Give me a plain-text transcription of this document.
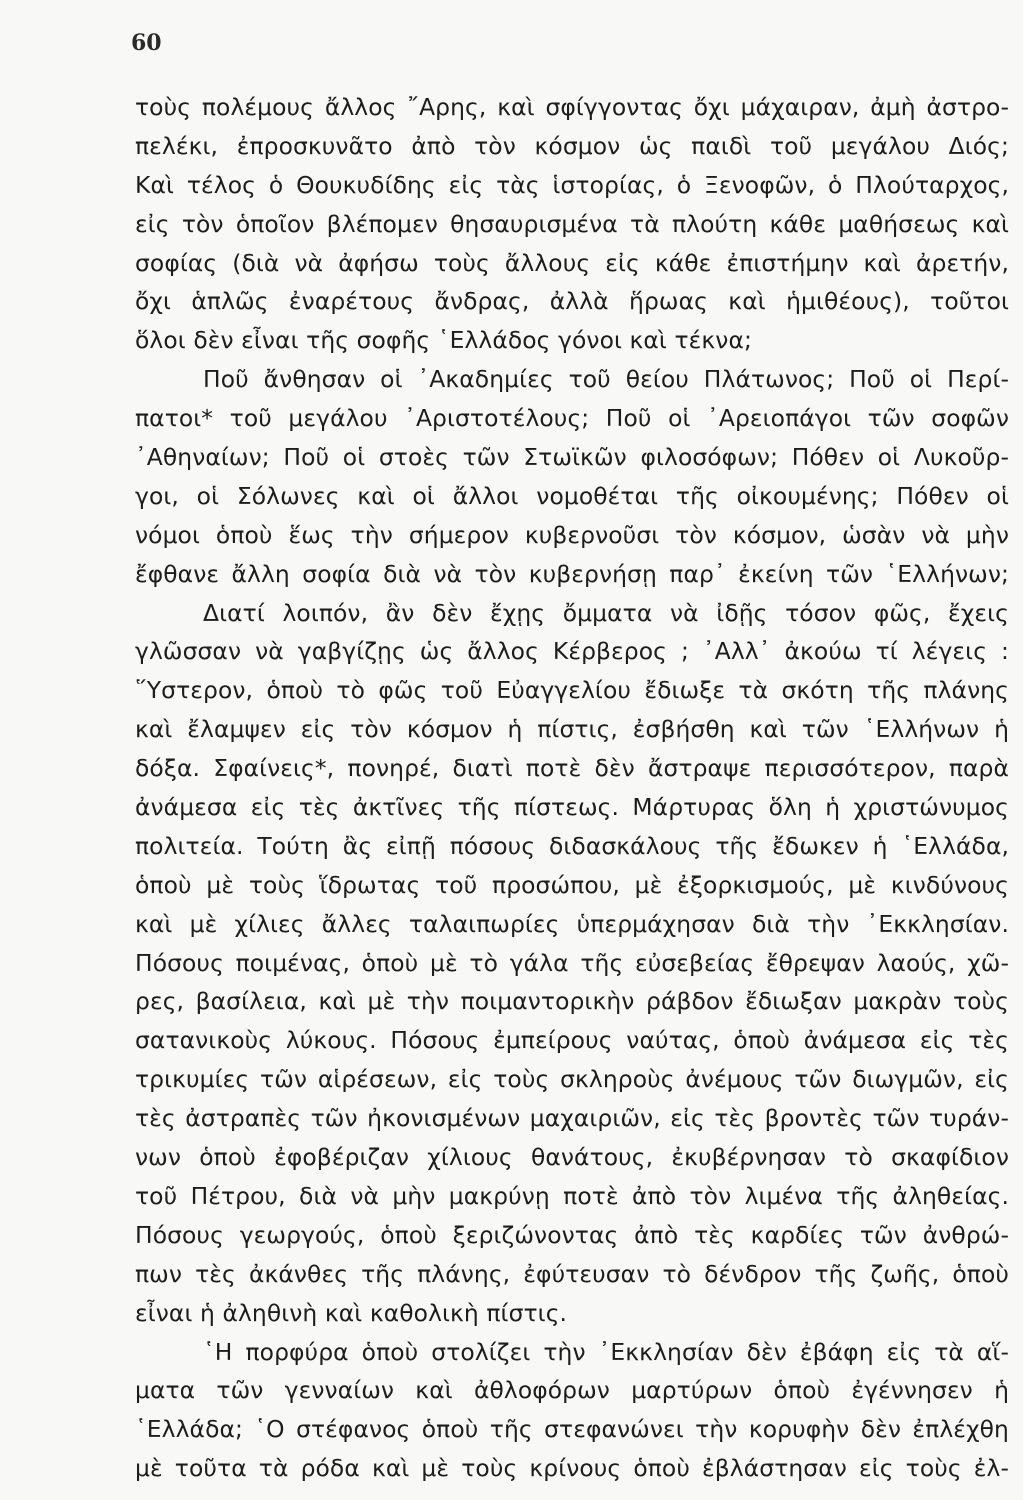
60
τοὺς πολέμους ἄλλος ῎Αρης, καὶ σφίγγοντας ὄχι μάχαιραν, ἀμὴ ἀστρο-
πελέκι, ἐπροσκυνᾶτο ἀπὸ τὸν κόσμον ὡς παιδὶ τοῦ μεγάλου Διός;
Καὶ τέλος ὁ Θουκυδίδης εἰς τὰς ἱστορίας, ὁ Ξενοφῶν, ὁ Πλούταρχος,
εἰς τὸν ὁποῖον βλέπομεν θησαυρισμένα τὰ πλούτη κάθε μαθήσεως καὶ
σοφίας (διὰ νὰ ἀφήσω τοὺς ἄλλους εἰς κάθε ἐπιστήμην καὶ ἀρετήν,
ὄχι ἁπλῶς ἐναρέτους ἄνδρας, ἀλλὰ ἥρωας καὶ ἡμιθέους), τοῦτοι
ὅλοι δὲν εἶναι τῆς σοφῆς ῾Ελλάδος γόνοι καὶ τέκνα;
Ποῦ ἄνθησαν οἱ ᾿Ακαδημίες τοῦ θείου Πλάτωνος; Ποῦ οἱ Περί-
πατοι* τοῦ μεγάλου ᾿Αριστοτέλους; Ποῦ οἱ ᾿Αρειοπάγοι τῶν σοφῶν
᾿Αθηναίων; Ποῦ οἱ στοὲς τῶν Στωϊκῶν φιλοσόφων; Πόθεν οἱ Λυκοῦρ-
γοι, οἱ Σόλωνες καὶ οἱ ἄλλοι νομοθέται τῆς οἰκουμένης; Πόθεν οἱ
νόμοι ὁποὺ ἕως τὴν σήμερον κυβερνοῦσι τὸν κόσμον, ὡσὰν νὰ μὴν
ἔφθανε ἄλλη σοφία διὰ νὰ τὸν κυβερνήσῃ παρ᾿ ἐκείνη τῶν ῾Ελλήνων;
Διατί λοιπόν, ἂν δὲν ἔχῃς ὄμματα νὰ ἰδῇς τόσον φῶς, ἔχεις
γλῶσσαν νὰ γαβγίζῃς ὡς ἄλλος Κέρβερος ; ᾿Αλλ᾿ ἀκούω τί λέγεις :
῞Υστερον, ὁποὺ τὸ φῶς τοῦ Εὐαγγελίου ἔδιωξε τὰ σκότη τῆς πλάνης
καὶ ἔλαμψεν εἰς τὸν κόσμον ἡ πίστις, ἐσβήσθη καὶ τῶν ῾Ελλήνων ἡ
δόξα. Σφαίνεις*, πονηρέ, διατὶ ποτὲ δὲν ἄστραψε περισσότερον, παρὰ
ἀνάμεσα εἰς τὲς ἀκτῖνες τῆς πίστεως. Μάρτυρας ὅλη ἡ χριστώνυμος
πολιτεία. Τούτη ἂς εἰπῇ πόσους διδασκάλους τῆς ἔδωκεν ἡ ῾Ελλάδα,
ὁποὺ μὲ τοὺς ἵδρωτας τοῦ προσώπου, μὲ ἐξορκισμούς, μὲ κινδύνους
καὶ μὲ χίλιες ἄλλες ταλαιπωρίες ὑπερμάχησαν διὰ τὴν ᾿Εκκλησίαν.
Πόσους ποιμένας, ὁποὺ μὲ τὸ γάλα τῆς εὐσεβείας ἔθρεψαν λαούς, χῶ-
ρες, βασίλεια, καὶ μὲ τὴν ποιμαντορικὴν ράβδον ἔδιωξαν μακρὰν τοὺς
σατανικοὺς λύκους. Πόσους ἐμπείρους ναύτας, ὁποὺ ἀνάμεσα εἰς τὲς
τρικυμίες τῶν αἱρέσεων, εἰς τοὺς σκληροὺς ἀνέμους τῶν διωγμῶν, εἰς
τὲς ἀστραπὲς τῶν ἠκονισμένων μαχαιριῶν, εἰς τὲς βροντὲς τῶν τυράν-
νων ὁποὺ ἐφοβέριζαν χίλιους θανάτους, ἐκυβέρνησαν τὸ σκαφίδιον
τοῦ Πέτρου, διὰ νὰ μὴν μακρύνῃ ποτὲ ἀπὸ τὸν λιμένα τῆς ἀληθείας.
Πόσους γεωργούς, ὁποὺ ξεριζώνοντας ἀπὸ τὲς καρδίες τῶν ἀνθρώ-
πων τὲς ἀκάνθες τῆς πλάνης, ἐφύτευσαν τὸ δένδρον τῆς ζωῆς, ὁποὺ
εἶναι ἡ ἀληθινὴ καὶ καθολικὴ πίστις.
῾Η πορφύρα ὁποὺ στολίζει τὴν ᾿Εκκλησίαν δὲν ἐβάφη εἰς τὰ αἵ-
ματα τῶν γενναίων καὶ ἀθλοφόρων μαρτύρων ὁποὺ ἐγέννησεν ἡ
῾Ελλάδα; ῾Ο στέφανος ὁποὺ τῆς στεφανώνει τὴν κορυφὴν δὲν ἐπλέχθη
μὲ τοῦτα τὰ ρόδα καὶ μὲ τοὺς κρίνους ὁποὺ ἐβλάστησαν εἰς τοὺς ἐλ-
